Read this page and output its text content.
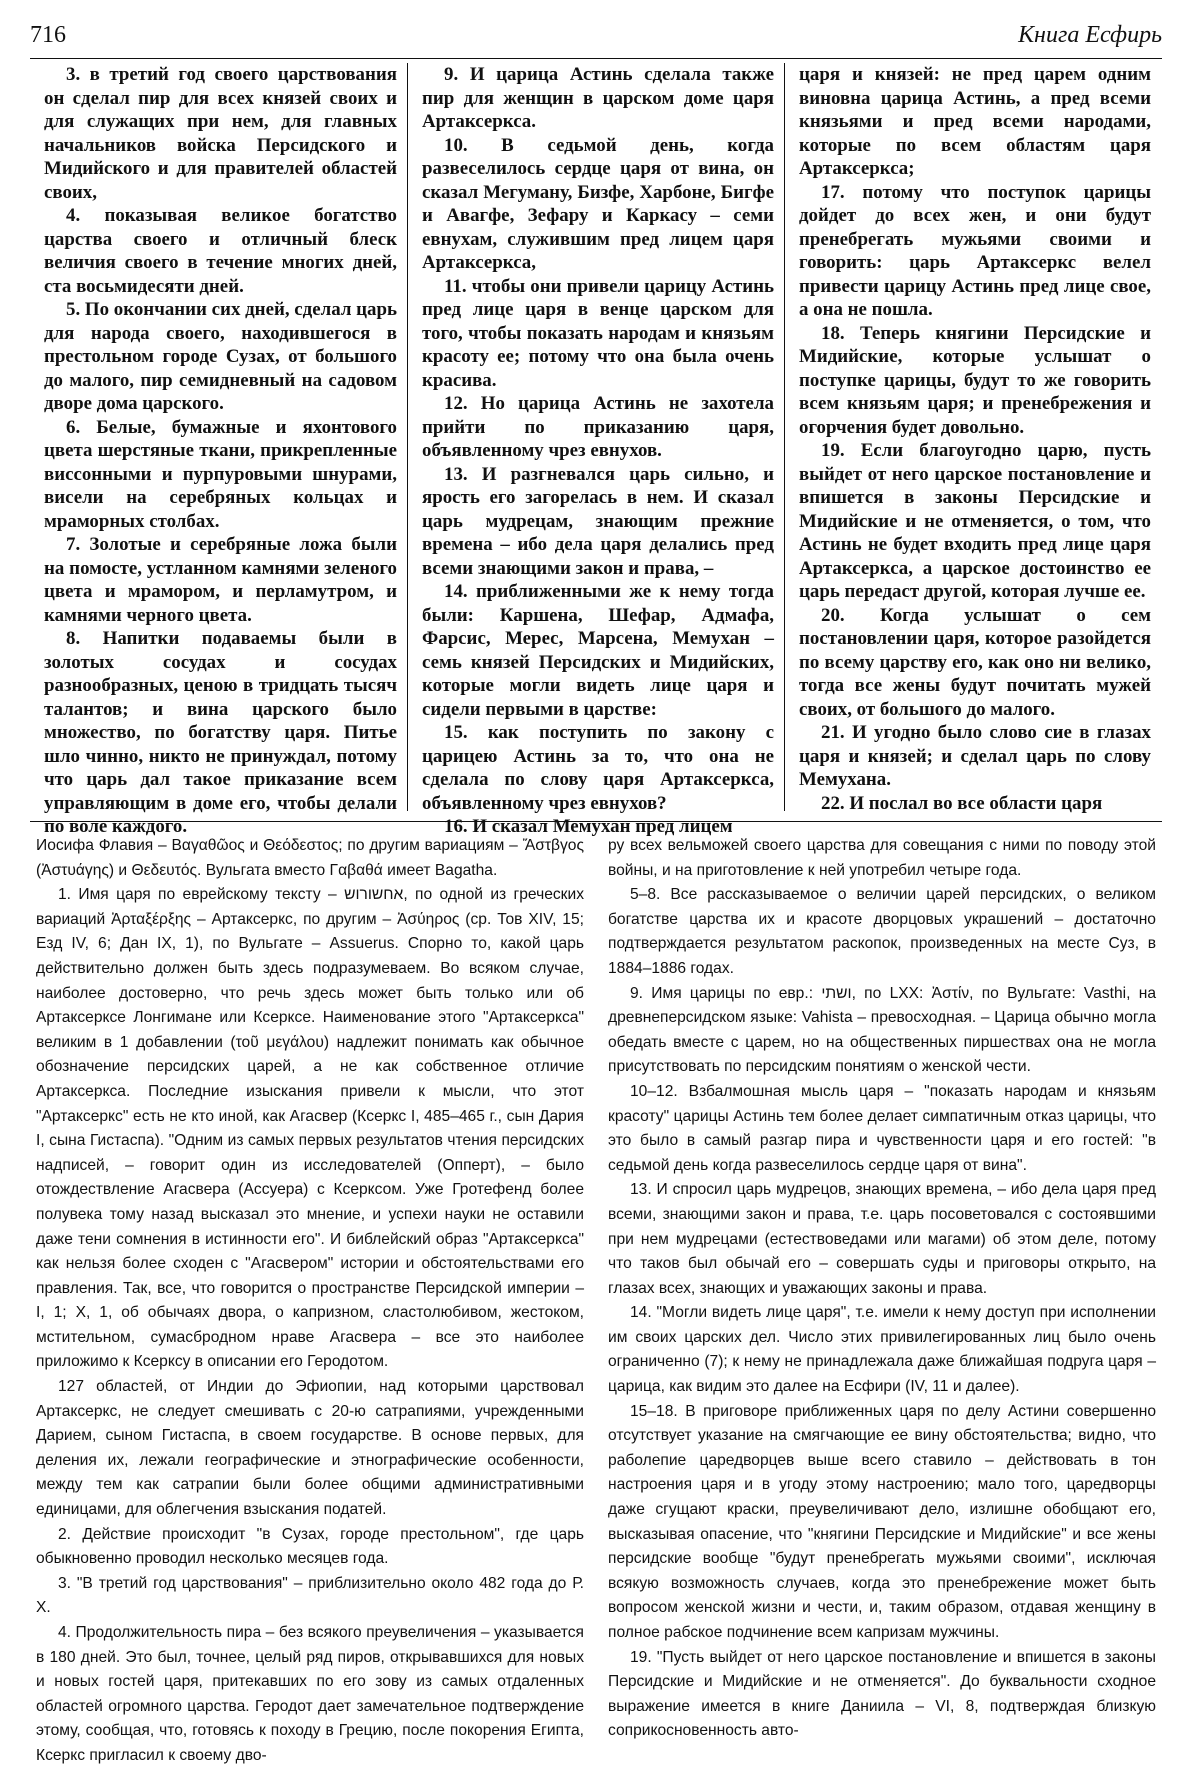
716	Книга Есфирь

3. в третий год своего царствования он сделал пир для всех князей своих и для служащих при нем, для главных начальников войска Персидского и Мидийского и для правителей областей своих,

4. показывая великое богатство царства своего и отличный блеск величия своего в течение многих дней, ста восьмидесяти дней.

5. По окончании сих дней, сделал царь для народа своего, находившегося в престольном городе Сузах, от большого до малого, пир семидневный на садовом дворе дома царского.

6. Белые, бумажные и яхонтового цвета шерстяные ткани, прикрепленные виссонными и пурпуровыми шнурами, висели на серебряных кольцах и мраморных столбах.

7. Золотые и серебряные ложа были на помосте, устланном камнями зеленого цвета и мрамором, и перламутром, и камнями черного цвета.

8. Напитки подаваемы были в золотых сосудах и сосудах разнообразных, ценою в тридцать тысяч талантов; и вина царского было множество, по богатству царя. Питье шло чинно, никто не принуждал, потому что царь дал такое приказание всем управляющим в доме его, чтобы делали по воле каждого.

9. И царица Астинь сделала также пир для женщин в царском доме царя Артаксеркса.

10. В седьмой день, когда развеселилось сердце царя от вина, он сказал Мегуману, Бизфе, Харбоне, Бигфе и Авагфе, Зефару и Каркасу – семи евнухам, служившим пред лицем царя Артаксеркса,

11. чтобы они привели царицу Астинь пред лице царя в венце царском для того, чтобы показать народам и князьям красоту ее; потому что она была очень красива.

12. Но царица Астинь не захотела прийти по приказанию царя, объявленному чрез евнухов.

13. И разгневался царь сильно, и ярость его загорелась в нем. И сказал царь мудрецам, знающим прежние времена – ибо дела царя делались пред всеми знающими закон и права, –

14. приближенными же к нему тогда были: Каршена, Шефар, Адмафа, Фарсис, Мерес, Марсена, Мемухан – семь князей Персидских и Мидийских, которые могли видеть лице царя и сидели первыми в царстве:

15. как поступить по закону с царицею Астинь за то, что она не сделала по слову царя Артаксеркса, объявленному чрез евнухов?

16. И сказал Мемухан пред лицем

царя и князей: не пред царем одним виновна царица Астинь, а пред всеми князьями и пред всеми народами, которые по всем областям царя Артаксеркса;

17. потому что поступок царицы дойдет до всех жен, и они будут пренебрегать мужьями своими и говорить: царь Артаксеркс велел привести царицу Астинь пред лице свое, а она не пошла.

18. Теперь княгини Персидские и Мидийские, которые услышат о поступке царицы, будут то же говорить всем князьям царя; и пренебрежения и огорчения будет довольно.

19. Если благоугодно царю, пусть выйдет от него царское постановление и впишется в законы Персидские и Мидийские и не отменяется, о том, что Астинь не будет входить пред лице царя Артаксеркса, а царское достоинство ее царь передаст другой, которая лучше ее.

20. Когда услышат о сем постановлении царя, которое разойдется по всему царству его, как оно ни велико, тогда все жены будут почитать мужей своих, от большого до малого.

21. И угодно было слово сие в глазах царя и князей; и сделал царь по слову Мемухана.

22. И послал во все области царя

Иосифа Флавия – Βαγαθῶος и Θεόδεστος; по другим вариациям – Ἄστβγος (Ἀστυάγης) и Θεδευτός. Вульгата вместо Γαβαθά имеет Bagatha.

1. Имя царя по еврейскому тексту – אחשורוש, по одной из греческих вариаций Ἀρταξέρξης – Артаксеркс, по другим – Ἀσύηρος (ср. Тов XIV, 15; Езд IV, 6; Дан IX, 1), по Вульгате – Assuerus. Спорно то, какой царь действительно должен быть здесь подразумеваем. Во всяком случае, наиболее достоверно, что речь здесь может быть только или об Артаксерксе Лонгимане или Ксерксе. Наименование этого "Артаксеркса" великим в 1 добавлении (τοῦ μεγάλου) надлежит понимать как обычное обозначение персидских царей, а не как собственное отличие Артаксеркса. Последние изыскания привели к мысли, что этот "Артаксеркс" есть не кто иной, как Агасвер (Ксеркс I, 485–465 г., сын Дария I, сына Гистаспа). "Одним из самых первых результатов чтения персидских надписей, – говорит один из исследователей (Опперт), – было отождествление Агасвера (Ассуера) с Ксерксом. Уже Гротефенд более полувека тому назад высказал это мнение, и успехи науки не оставили даже тени сомнения в истинности его". И библейский образ "Артаксеркса" как нельзя более сходен с "Агасвером" истории и обстоятельствами его правления. Так, все, что говорится о пространстве Персидской империи – I, 1; X, 1, об обычаях двора, о капризном, сластолюбивом, жестоком, мстительном, сумасбродном нраве Агасвера – все это наиболее приложимо к Ксерксу в описании его Геродотом.

127 областей, от Индии до Эфиопии, над которыми царствовал Артаксеркс, не следует смешивать с 20-ю сатрапиями, учрежденными Дарием, сыном Гистаспа, в своем государстве. В основе первых, для деления их, лежали географические и этнографические особенности, между тем как сатрапии были более общими административными единицами, для облегчения взыскания податей.

2. Действие происходит "в Сузах, городе престольном", где царь обыкновенно проводил несколько месяцев года.

3. "В третий год царствования" – приблизительно около 482 года до Р. Х.

4. Продолжительность пира – без всякого преувеличения – указывается в 180 дней. Это был, точнее, целый ряд пиров, открывавшихся для новых и новых гостей царя, притекавших по его зову из самых отдаленных областей огромного царства. Геродот дает замечательное подтверждение этому, сообщая, что, готовясь к походу в Грецию, после покорения Египта, Ксеркс пригласил к своему дво-

ру всех вельможей своего царства для совещания с ними по поводу этой войны, и на приготовление к ней употребил четыре года.

5–8. Все рассказываемое о величии царей персидских, о великом богатстве царства их и красоте дворцовых украшений – достаточно подтверждается результатом раскопок, произведенных на месте Суз, в 1884–1886 годах.

9. Имя царицы по евр.: ושתי, по LXX: Ἀστίν, по Вульгате: Vasthi, на древнеперсидском языке: Vahista – превосходная. – Царица обычно могла обедать вместе с царем, но на общественных пиршествах она не могла присутствовать по персидским понятиям о женской чести.

10–12. Взбалмошная мысль царя – "показать народам и князьям красоту" царицы Астинь тем более делает симпатичным отказ царицы, что это было в самый разгар пира и чувственности царя и его гостей: "в седьмой день когда развеселилось сердце царя от вина".

13. И спросил царь мудрецов, знающих времена, – ибо дела царя пред всеми, знающими закон и права, т.е. царь посоветовался с состоявшими при нем мудрецами (естествоведами или магами) об этом деле, потому что таков был обычай его – совершать суды и приговоры открыто, на глазах всех, знающих и уважающих законы и права.

14. "Могли видеть лице царя", т.е. имели к нему доступ при исполнении им своих царских дел. Число этих привилегированных лиц было очень ограниченно (7); к нему не принадлежала даже ближайшая подруга царя – царица, как видим это далее на Есфири (IV, 11 и далее).

15–18. В приговоре приближенных царя по делу Астини совершенно отсутствует указание на смягчающие ее вину обстоятельства; видно, что раболепие царедворцев выше всего ставило – действовать в тон настроения царя и в угоду этому настроению; мало того, царедворцы даже сгущают краски, преувеличивают дело, излишне обобщают его, высказывая опасение, что "княгини Персидские и Мидийские" и все жены персидские вообще "будут пренебрегать мужьями своими", исключая всякую возможность случаев, когда это пренебрежение может быть вопросом женской жизни и чести, и, таким образом, отдавая женщину в полное рабское подчинение всем капризам мужчины.

19. "Пусть выйдет от него царское постановление и впишется в законы Персидские и Мидийские и не отменяется". До буквальности сходное выражение имеется в книге Даниила – VI, 8, подтверждая близкую соприкосновенность авто-
